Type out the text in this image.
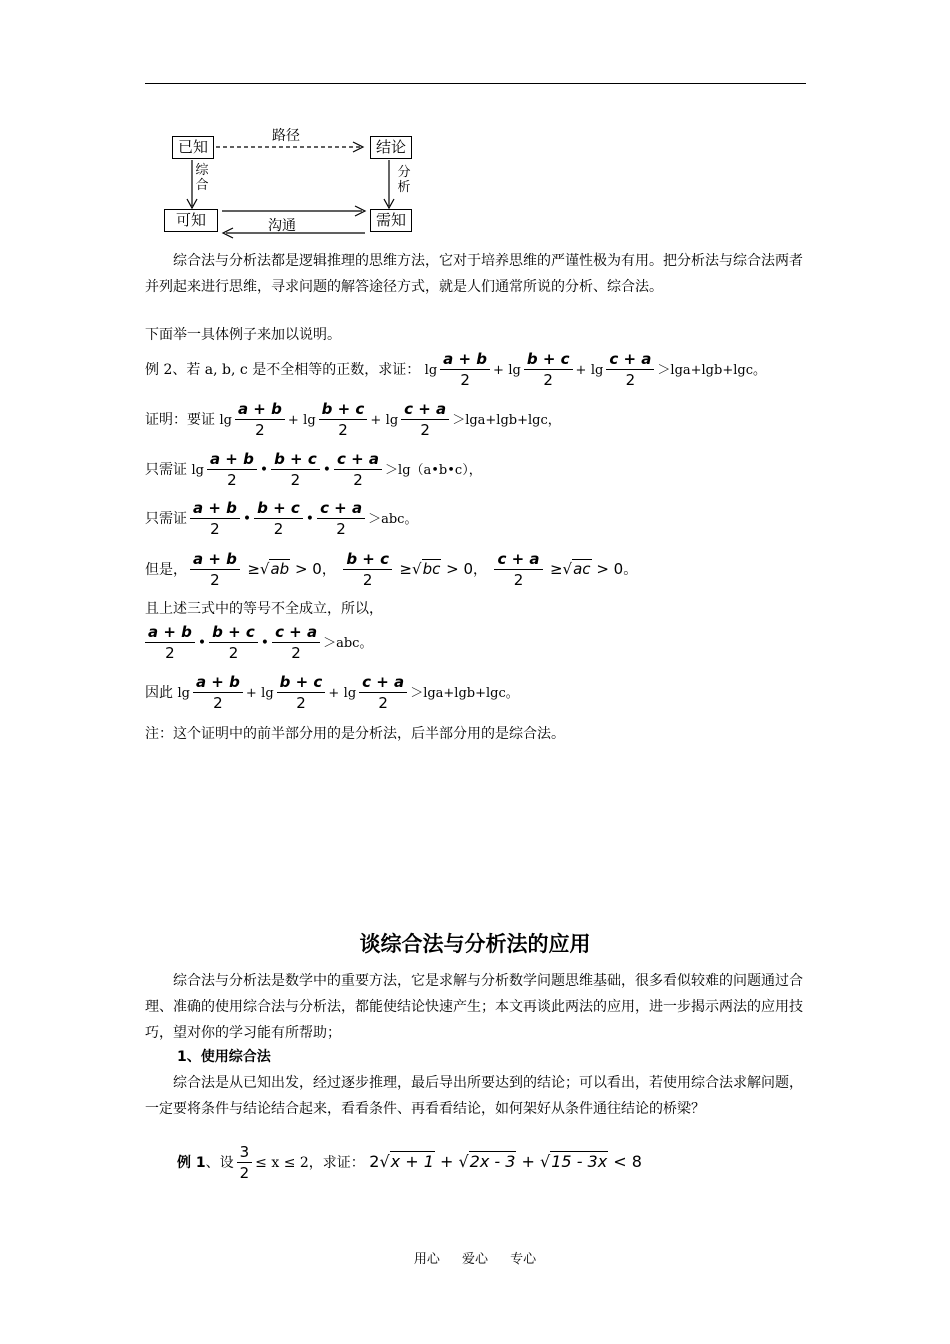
已知	结论
可知	需知
路径
综合
分析
沟通
综合法与分析法都是逻辑推理的思维方法，它对于培养思维的严谨性极为有用。把分析法与综合法两者并列起来进行思维，寻求问题的解答途径方式，就是人们通常所说的分析、综合法。
下面举一具体例子来加以说明。
例 2、若 a, b, c 是不全相等的正数，求证： $\lg \frac{a + b}{2} + \lg \frac{b + c}{2} + \lg \frac{c + a}{2} >\lg a+\lg b+\lg c$。
证明：要证 $\lg \frac{a + b}{2} + \lg \frac{b + c}{2} + \lg \frac{c + a}{2} >\lg a+\lg b+\lg c$，
只需证 $\lg \frac{a + b}{2}$ • $\frac{b + c}{2}$ • $\frac{c + a}{2}$ ＞lg（a•b•c），
只需证 $\frac{a + b}{2}$ • $\frac{b + c}{2}$ • $\frac{c + a}{2} >abc$。
但是， $\frac{a + b}{2} \ge√ab > 0$， $\frac{b + c}{2} \ge√bc > 0$， $\frac{c + a}{2} \ge√ac > 0$。
且上述三式中的等号不全成立，所以，
$\frac{a + b}{2}$ • $\frac{b + c}{2}$ • $\frac{c + a}{2} >abc$。
因此 $\lg \frac{a + b}{2} + \lg \frac{b + c}{2} + \lg \frac{c + a}{2} >\lg a+\lg b+\lg c$。
注：这个证明中的前半部分用的是分析法，后半部分用的是综合法。
谈综合法与分析法的应用
综合法与分析法是数学中的重要方法，它是求解与分析数学问题思维基础，很多看似较难的问题通过合理、准确的使用综合法与分析法，都能使结论快速产生；本文再谈此两法的应用，进一步揭示两法的应用技巧，望对你的学习能有所帮助；
1、使用综合法
综合法是从已知出发，经过逐步推理，最后导出所要达到的结论；可以看出，若使用综合法求解问题，一定要将条件与结论结合起来，看看条件、再看看结论，如何架好从条件通往结论的桥梁？
例 1、设 $\frac{3}{2} \le x \le 2$，求证： 2√x + 1 + √2x - 3 + √15 - 3x < 8
用心 爱心 专心
